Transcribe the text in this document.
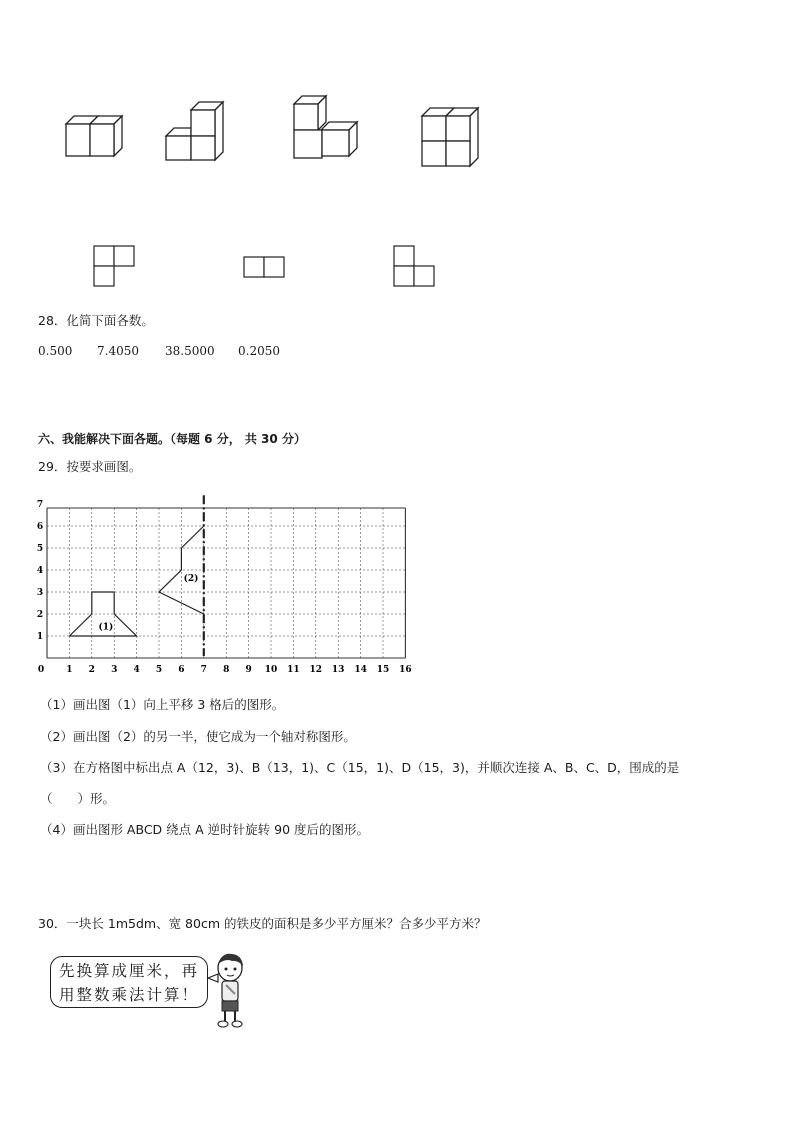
28．化简下面各数。
0.500 7.4050 38.5000 0.2050
六、我能解决下面各题。（每题 6 分， 共 30 分）
29．按要求画图。
(1)
(2)
0 1 2 3 4 5 6 7 8 9 10 11 12 13 14 15 16
1
2
3
4
5
6
7
（1）画出图（1）向上平移 3 格后的图形。
（2）画出图（2）的另一半，使它成为一个轴对称图形。
（3）在方格图中标出点 A（12，3)、B（13，1)、C（15，1)、D（15，3)，并顺次连接 A、B、C、D，围成的是
（　　）形。
（4）画出图形 ABCD 绕点 A 逆时针旋转 90 度后的图形。
30．一块长 1m5dm、宽 80cm 的铁皮的面积是多少平方厘米？合多少平方米？
先换算成厘米，再
用整数乘法计算！
